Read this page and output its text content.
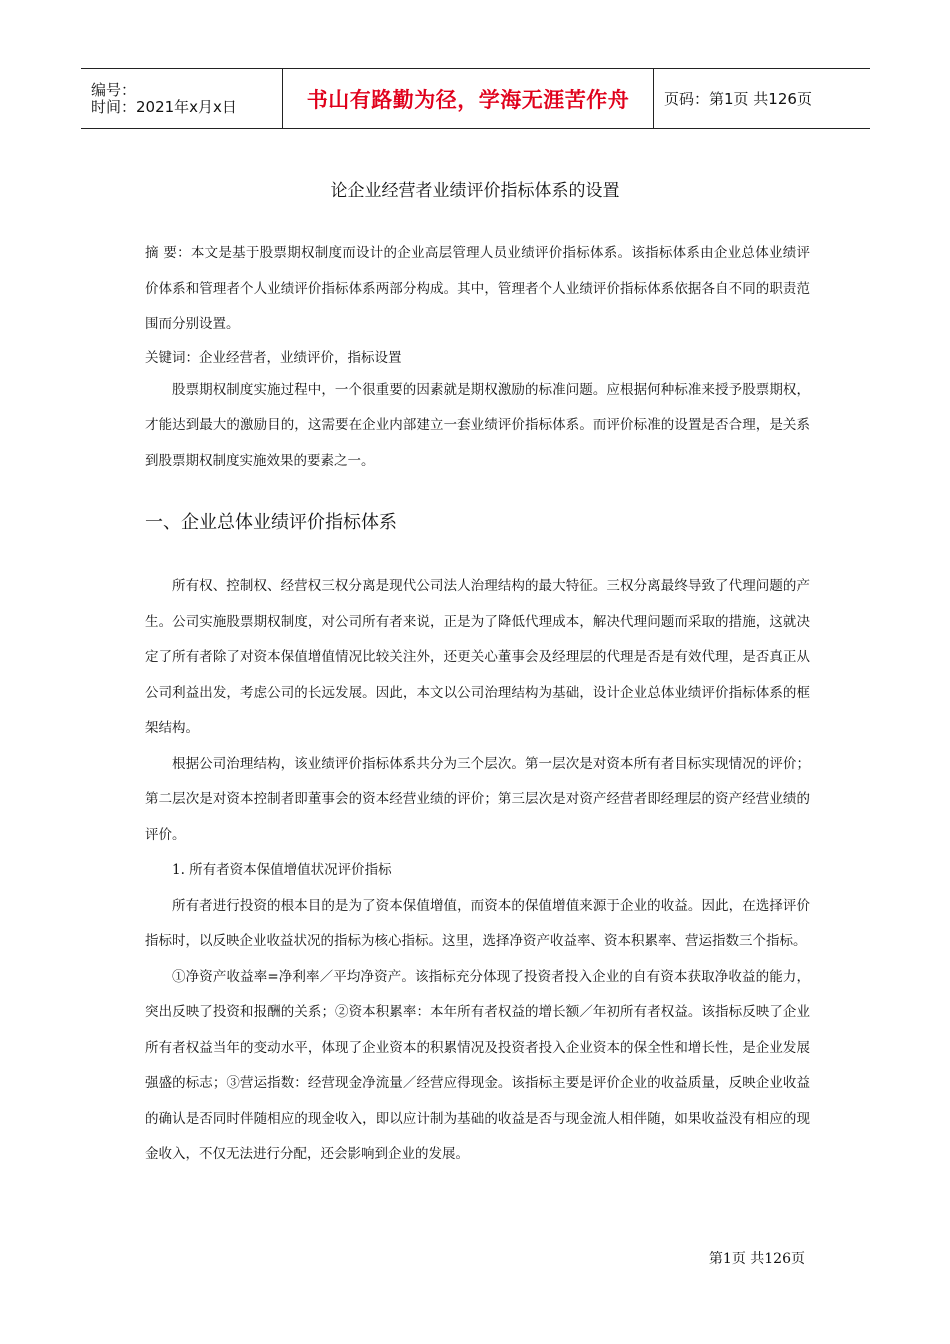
编号：
时间：2021年x月x日	书山有路勤为径，学海无涯苦作舟 页码：第1页 共126页
论企业经营者业绩评价指标体系的设置

摘 要：本文是基于股票期权制度而设计的企业高层管理人员业绩评价指标体系。该指标体系由企业总体业绩评价体系和管理者个人业绩评价指标体系两部分构成。其中，管理者个人业绩评价指标体系依据各自不同的职责范围而分别设置。

关键词：企业经营者，业绩评价，指标设置

股票期权制度实施过程中，一个很重要的因素就是期权激励的标准问题。应根据何种标准来授予股票期权，才能达到最大的激励目的，这需要在企业内部建立一套业绩评价指标体系。而评价标准的设置是否合理，是关系到股票期权制度实施效果的要素之一。

一、企业总体业绩评价指标体系

所有权、控制权、经营权三权分离是现代公司法人治理结构的最大特征。三权分离最终导致了代理问题的产生。公司实施股票期权制度，对公司所有者来说，正是为了降低代理成本，解决代理问题而采取的措施，这就决定了所有者除了对资本保值增值情况比较关注外，还更关心董事会及经理层的代理是否是有效代理，是否真正从公司利益出发，考虑公司的长远发展。因此，本文以公司治理结构为基础，设计企业总体业绩评价指标体系的框架结构。

根据公司治理结构，该业绩评价指标体系共分为三个层次。第一层次是对资本所有者目标实现情况的评价；第二层次是对资本控制者即董事会的资本经营业绩的评价；第三层次是对资产经营者即经理层的资产经营业绩的评价。

1. 所有者资本保值增值状况评价指标

所有者进行投资的根本目的是为了资本保值增值，而资本的保值增值来源于企业的收益。因此，在选择评价指标时，以反映企业收益状况的指标为核心指标。这里，选择净资产收益率、资本积累率、营运指数三个指标。

①净资产收益率=净利率／平均净资产。该指标充分体现了投资者投入企业的自有资本获取净收益的能力，突出反映了投资和报酬的关系；②资本积累率：本年所有者权益的增长额／年初所有者权益。该指标反映了企业所有者权益当年的变动水平，体现了企业资本的积累情况及投资者投入企业资本的保全性和增长性，是企业发展强盛的标志；③营运指数：经营现金净流量／经营应得现金。该指标主要是评价企业的收益质量，反映企业收益的确认是否同时伴随相应的现金收入，即以应计制为基础的收益是否与现金流人相伴随，如果收益没有相应的现金收入，不仅无法进行分配，还会影响到企业的发展。

第1页 共126页
